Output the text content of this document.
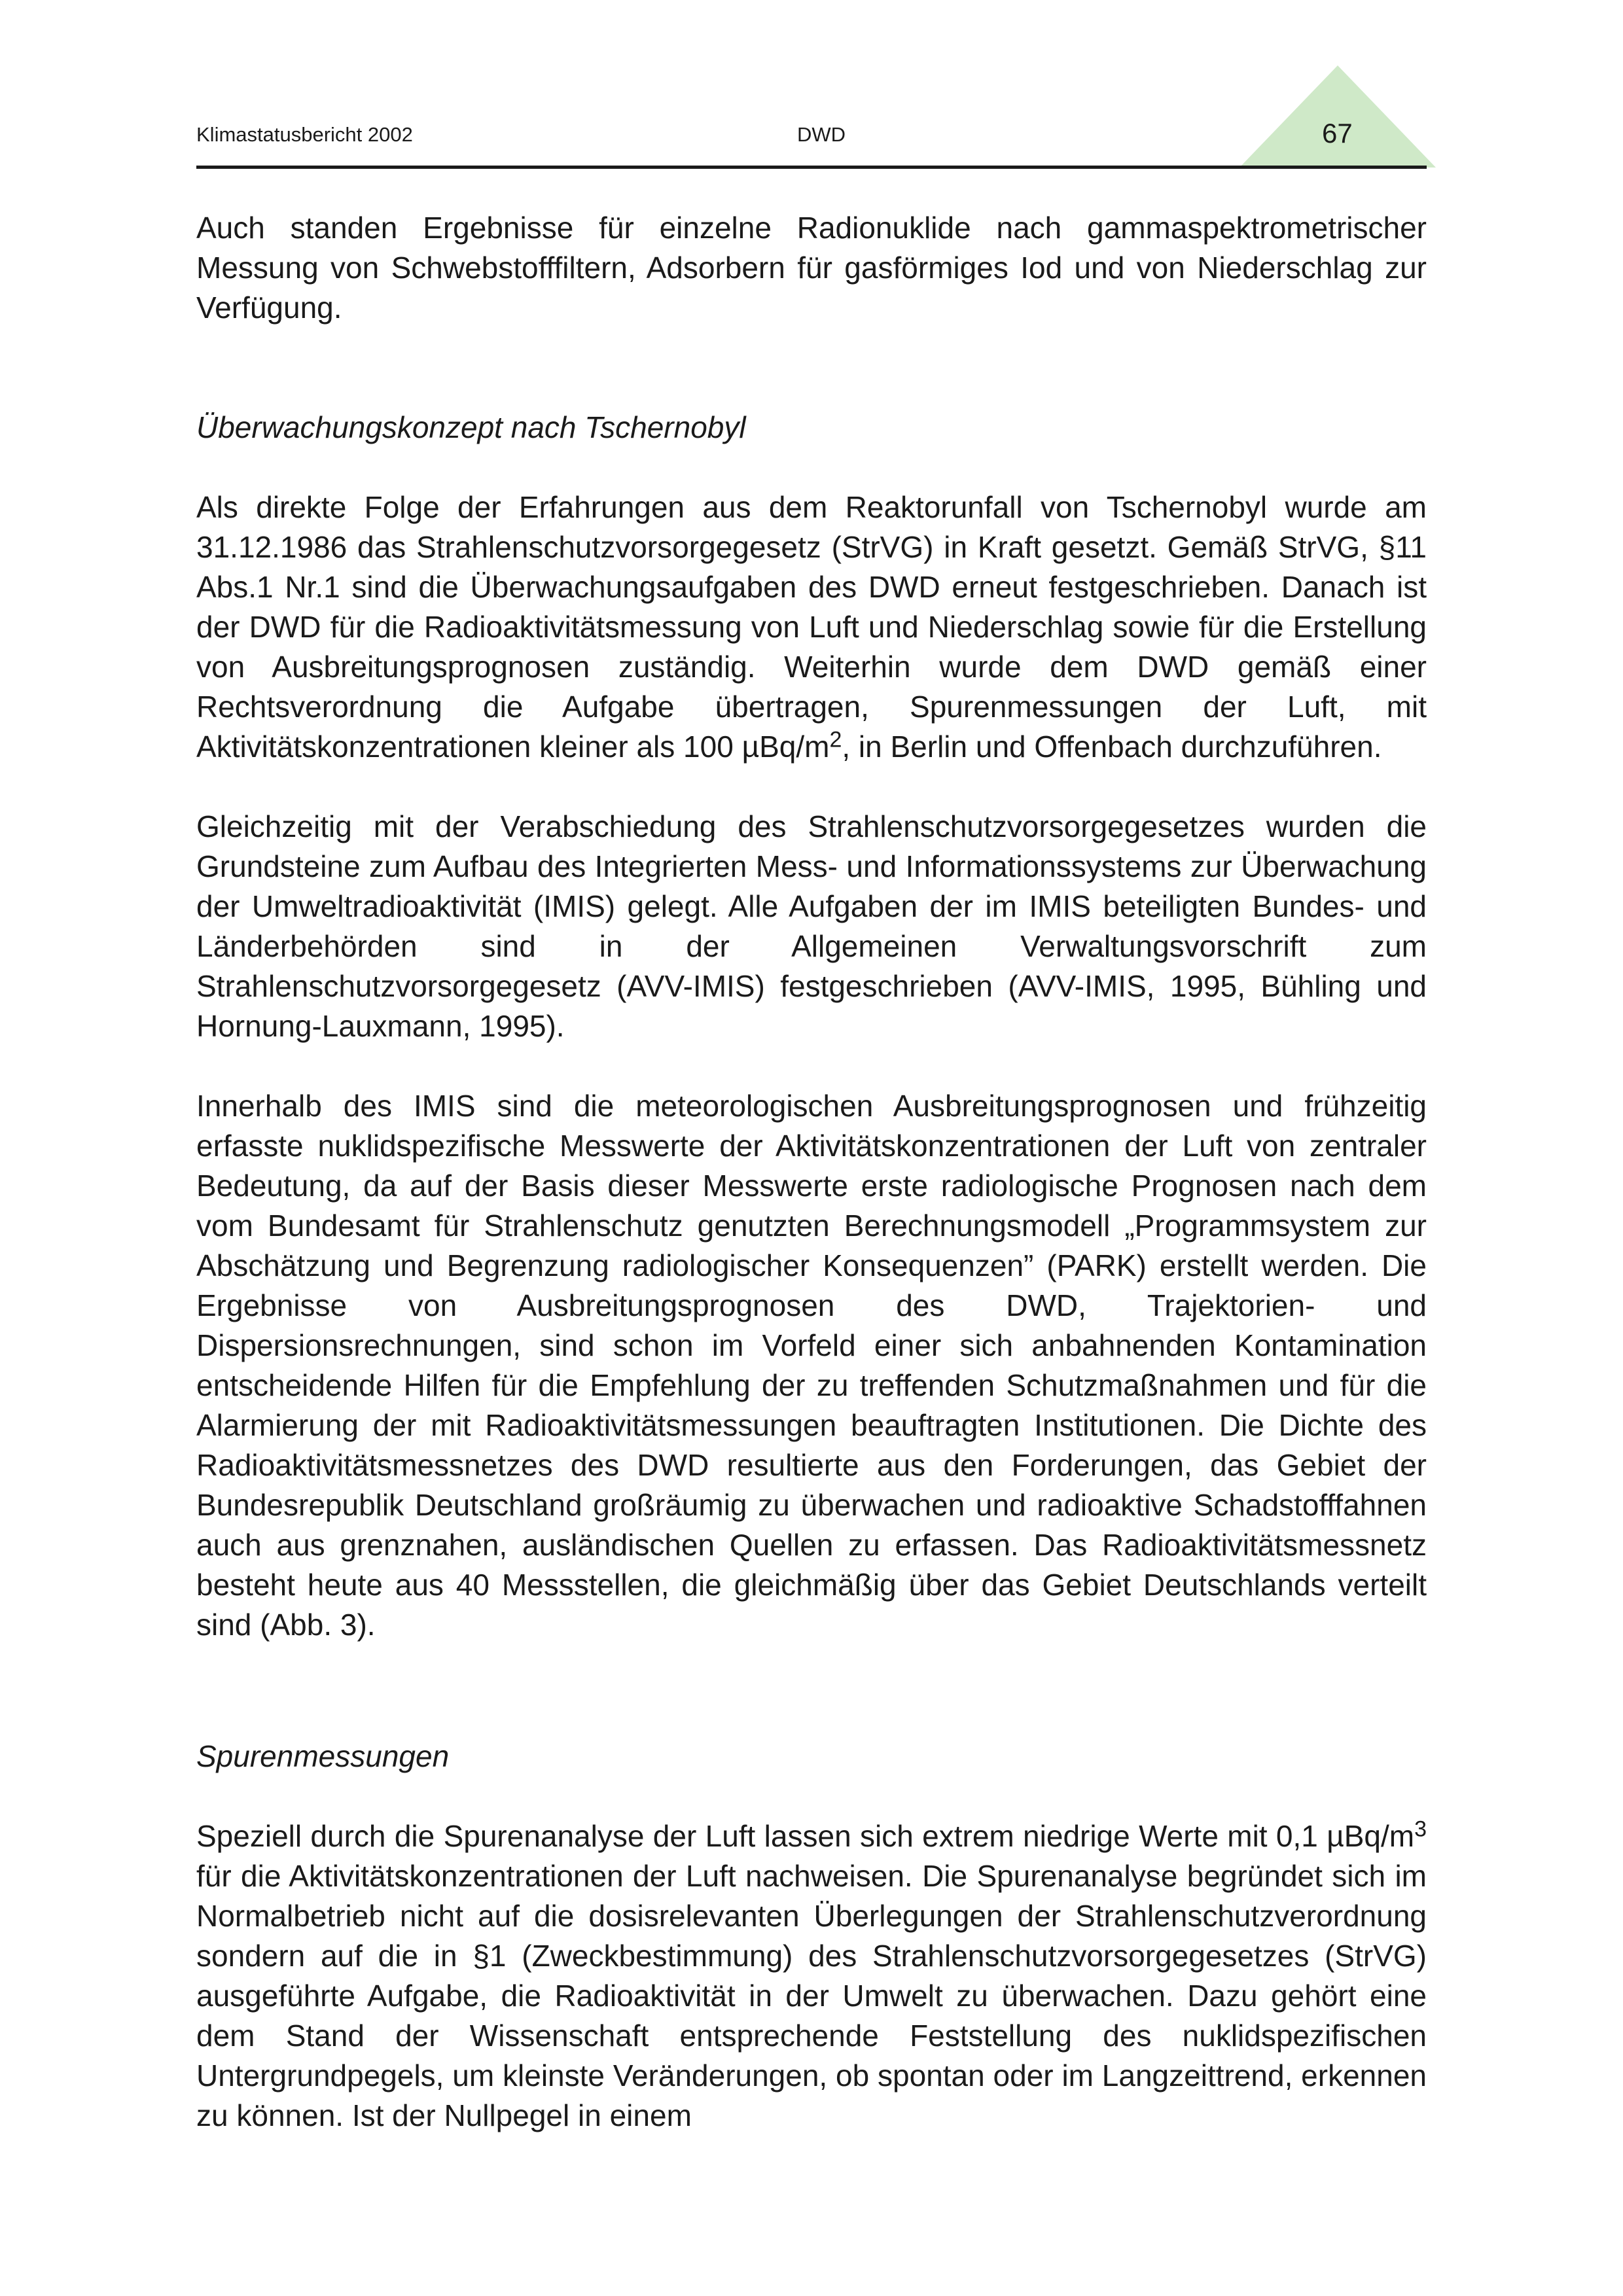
Klimastatusbericht 2002	DWD	67

Auch standen Ergebnisse für einzelne Radionuklide nach gammaspektrometrischer Messung von Schwebstofffiltern, Adsorbern für gasförmiges Iod und von Niederschlag zur Verfügung.

Überwachungskonzept nach Tschernobyl

Als direkte Folge der Erfahrungen aus dem Reaktorunfall von Tschernobyl wurde am 31.12.1986 das Strahlenschutzvorsorgegesetz (StrVG) in Kraft gesetzt. Gemäß StrVG, §11 Abs.1 Nr.1 sind die Überwachungsaufgaben des DWD erneut festgeschrieben. Danach ist der DWD für die Radioaktivitätsmessung von Luft und Niederschlag sowie für die Erstellung von Ausbreitungsprognosen zuständig. Weiterhin wurde dem DWD gemäß einer Rechtsverordnung die Aufgabe übertragen, Spurenmessungen der Luft, mit Aktivitätskonzentrationen kleiner als 100 µBq/$m^2$, in Berlin und Offenbach durchzuführen.

Gleichzeitig mit der Verabschiedung des Strahlenschutzvorsorgegesetzes wurden die Grundsteine zum Aufbau des Integrierten Mess- und Informationssystems zur Überwachung der Umweltradioaktivität (IMIS) gelegt. Alle Aufgaben der im IMIS beteiligten Bundes- und Länderbehörden sind in der Allgemeinen Verwaltungsvorschrift zum Strahlenschutzvorsorgegesetz (AVV-IMIS) festgeschrieben (AVV-IMIS, 1995, Bühling und Hornung-Lauxmann, 1995).

Innerhalb des IMIS sind die meteorologischen Ausbreitungsprognosen und frühzeitig erfasste nuklidspezifische Messwerte der Aktivitätskonzentrationen der Luft von zentraler Bedeutung, da auf der Basis dieser Messwerte erste radiologische Prognosen nach dem vom Bundesamt für Strahlenschutz genutzten Berechnungsmodell „Programmsystem zur Abschätzung und Begrenzung radiologischer Konsequenzen” (PARK) erstellt werden. Die Ergebnisse von Ausbreitungsprognosen des DWD, Trajektorien- und Dispersionsrechnungen, sind schon im Vorfeld einer sich anbahnenden Kontamination entscheidende Hilfen für die Empfehlung der zu treffenden Schutzmaßnahmen und für die Alarmierung der mit Radioaktivitätsmessungen beauftragten Institutionen. Die Dichte des Radioaktivitätsmessnetzes des DWD resultierte aus den Forderungen, das Gebiet der Bundesrepublik Deutschland großräumig zu überwachen und radioaktive Schadstofffahnen auch aus grenznahen, ausländischen Quellen zu erfassen. Das Radioaktivitätsmessnetz besteht heute aus 40 Messstellen, die gleichmäßig über das Gebiet Deutschlands verteilt sind (Abb. 3).

Spurenmessungen

Speziell durch die Spurenanalyse der Luft lassen sich extrem niedrige Werte mit 0,1 µBq/$m^3$ für die Aktivitätskonzentrationen der Luft nachweisen. Die Spurenanalyse begründet sich im Normalbetrieb nicht auf die dosisrelevanten Überlegungen der Strahlenschutzverordnung sondern auf die in §1 (Zweckbestimmung) des Strahlenschutzvorsorgegesetzes (StrVG) ausgeführte Aufgabe, die Radioaktivität in der Umwelt zu überwachen. Dazu gehört eine dem Stand der Wissenschaft entsprechende Feststellung des nuklidspezifischen Untergrundpegels, um kleinste Veränderungen, ob spontan oder im Langzeittrend, erkennen zu können. Ist der Nullpegel in einem
